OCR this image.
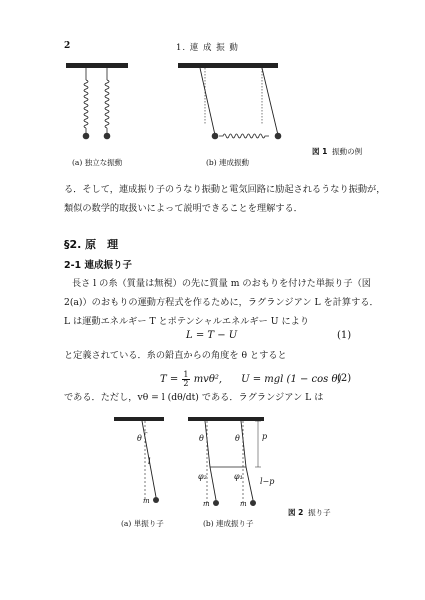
2	1. 連 成 振 動
(a) 独立な振動	(b) 連成振動
図 1 振動の例
る．そして，連成振り子のうなり振動と電気回路に励起されるうなり振動が，
類似の数学的取扱いによって説明できることを理解する．
§2. 原　理
2-1 連成振り子
長さ l の糸（質量は無視）の先に質量 m のおもりを付けた単振り子（図
2(a)）のおもりの運動方程式を作るために，ラグランジアン L を計算する．
L は運動エネルギー T とポテンシャルエネルギー U により
L = T − U	(1)
と定義されている．糸の鉛直からの角度を θ とすると
$T = \frac{1}{2} mv\theta^2$, U = mgl (1 − cos θ)
(2)
である．ただし，vθ = l (dθ/dt) である．ラグランジアン L は
θ
l
m
θ	θ	p
φ₂	φ₁
l−p
m	m
(a) 単振り子	(b) 連成振り子
図 2 振り子
